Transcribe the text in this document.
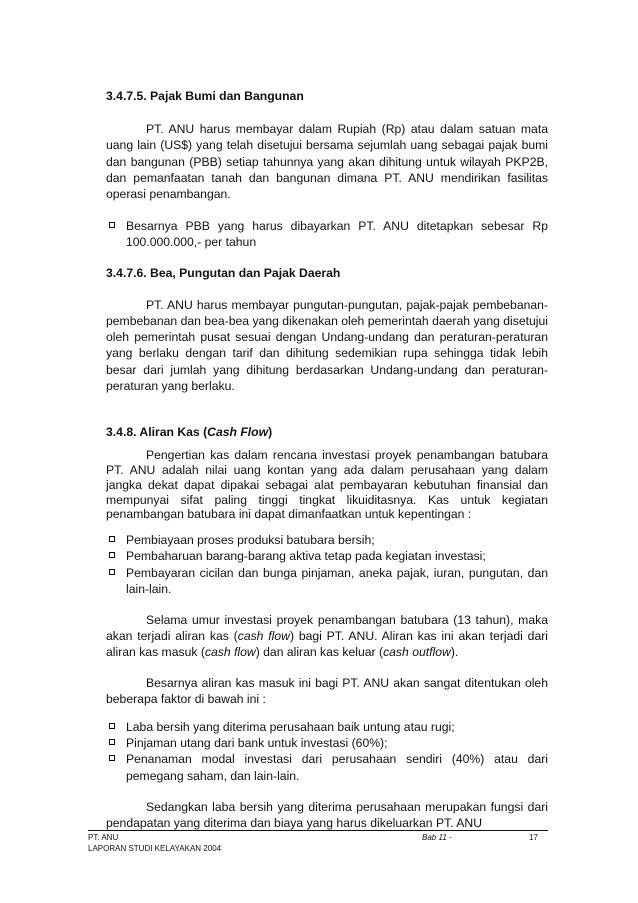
3.4.7.5. Pajak Bumi dan Bangunan

PT. ANU harus membayar dalam Rupiah (Rp) atau dalam satuan mata uang lain (US$) yang telah disetujui bersama sejumlah uang sebagai pajak bumi dan bangunan (PBB) setiap tahunnya yang akan dihitung untuk wilayah PKP2B, dan pemanfaatan tanah dan bangunan dimana PT. ANU mendirikan fasilitas operasi penambangan.

Besarnya PBB yang harus dibayarkan PT. ANU ditetapkan sebesar Rp 100.000.000,- per tahun

3.4.7.6. Bea, Pungutan dan Pajak Daerah

PT. ANU harus membayar pungutan-pungutan, pajak-pajak pembebanan-pembebanan dan bea-bea yang dikenakan oleh pemerintah daerah yang disetujui oleh pemerintah pusat sesuai dengan Undang-undang dan peraturan-peraturan yang berlaku dengan tarif dan dihitung sedemikian rupa sehingga tidak lebih besar dari jumlah yang dihitung berdasarkan Undang-undang dan peraturan-peraturan yang berlaku.

3.4.8. Aliran Kas (Cash Flow)

Pengertian kas dalam rencana investasi proyek penambangan batubara PT. ANU adalah nilai uang kontan yang ada dalam perusahaan yang dalam jangka dekat dapat dipakai sebagai alat pembayaran kebutuhan finansial dan mempunyai sifat paling tinggi tingkat likuiditasnya. Kas untuk kegiatan penambangan batubara ini dapat dimanfaatkan untuk kepentingan :

Pembiayaan proses produksi batubara bersih;
Pembaharuan barang-barang aktiva tetap pada kegiatan investasi;
Pembayaran cicilan dan bunga pinjaman, aneka pajak, iuran, pungutan, dan lain-lain.

Selama umur investasi proyek penambangan batubara (13 tahun), maka akan terjadi aliran kas (cash flow) bagi PT. ANU. Aliran kas ini akan terjadi dari aliran kas masuk (cash flow) dan aliran kas keluar (cash outflow).

Besarnya aliran kas masuk ini bagi PT. ANU akan sangat ditentukan oleh beberapa faktor di bawah ini :

Laba bersih yang diterima perusahaan baik untung atau rugi;
Pinjaman utang dari bank untuk investasi (60%);
Penanaman modal investasi dari perusahaan sendiri (40%) atau dari pemegang saham, dan lain-lain.

Sedangkan laba bersih yang diterima perusahaan merupakan fungsi dari pendapatan yang diterima dan biaya yang harus dikeluarkan PT. ANU

PT. ANU	Bab 11 -	17
LAPORAN STUDI KELAYAKAN 2004
